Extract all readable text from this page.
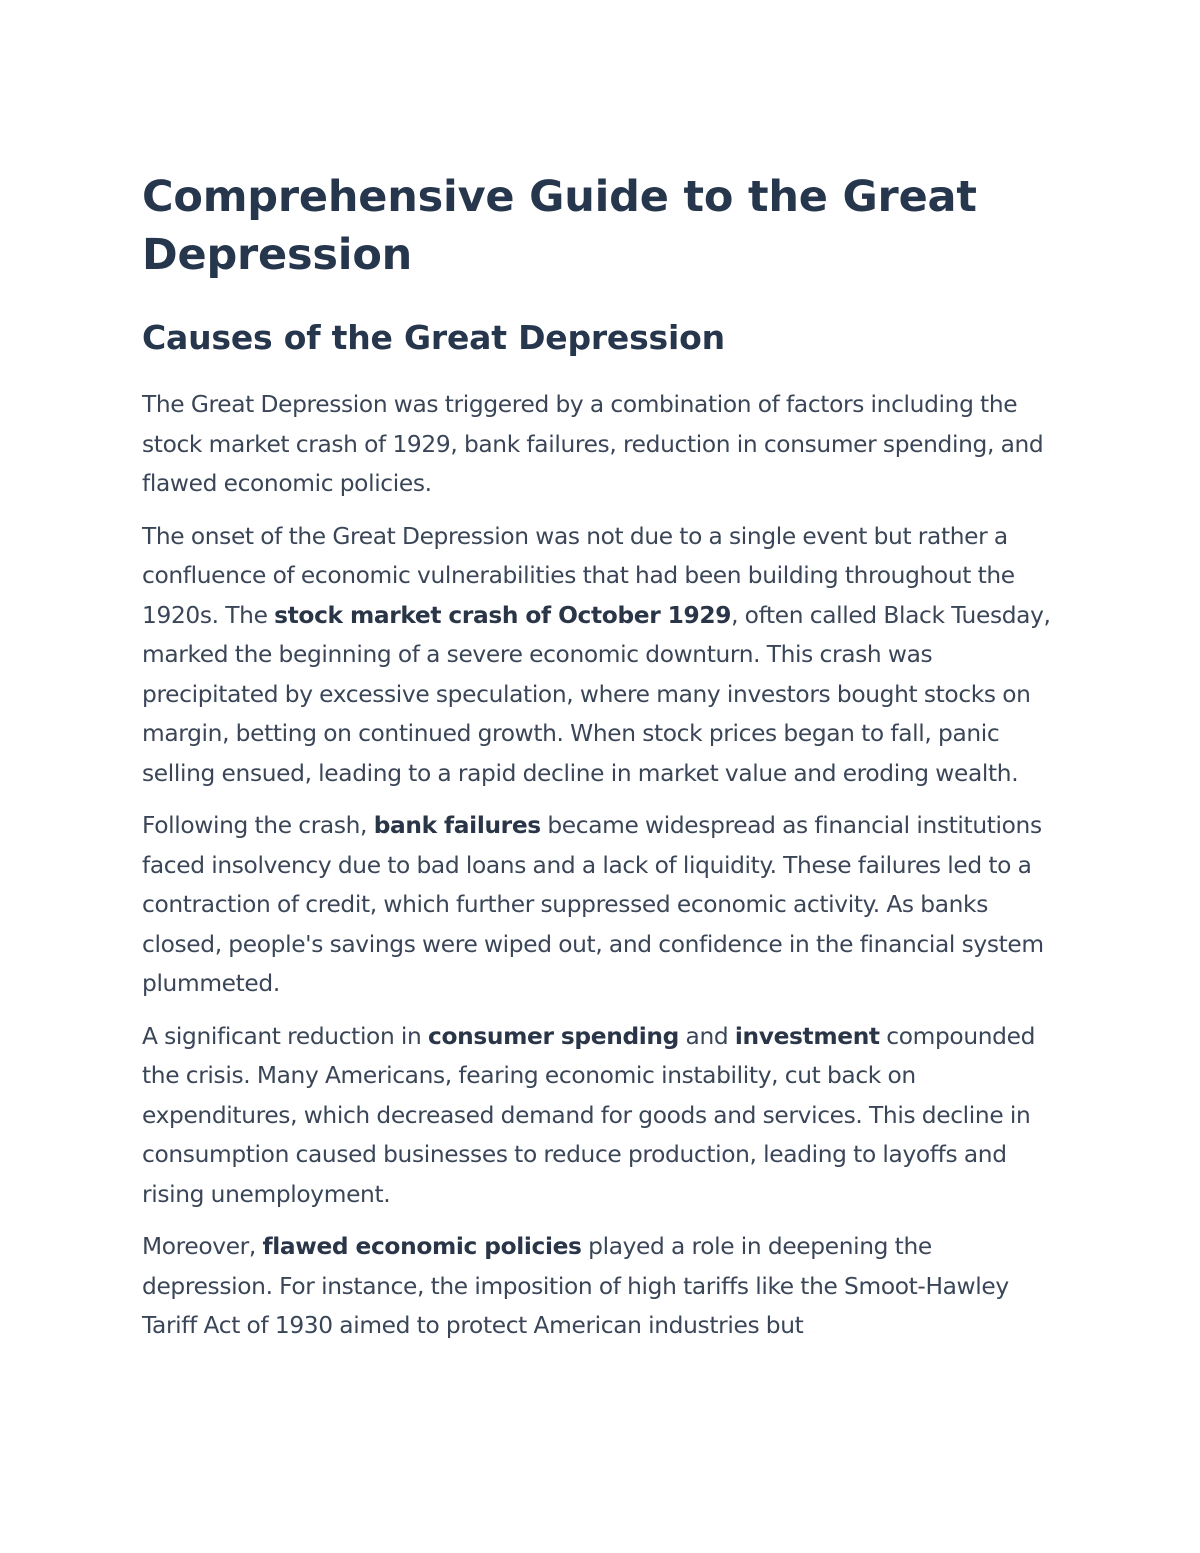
Comprehensive Guide to the Great Depression
Causes of the Great Depression

The Great Depression was triggered by a combination of factors including the stock market crash of 1929, bank failures, reduction in consumer spending, and flawed economic policies.

The onset of the Great Depression was not due to a single event but rather a confluence of economic vulnerabilities that had been building throughout the 1920s. The stock market crash of October 1929, often called Black Tuesday, marked the beginning of a severe economic downturn. This crash was precipitated by excessive speculation, where many investors bought stocks on margin, betting on continued growth. When stock prices began to fall, panic selling ensued, leading to a rapid decline in market value and eroding wealth.

Following the crash, bank failures became widespread as financial institutions faced insolvency due to bad loans and a lack of liquidity. These failures led to a contraction of credit, which further suppressed economic activity. As banks closed, people's savings were wiped out, and confidence in the financial system plummeted.

A significant reduction in consumer spending and investment compounded the crisis. Many Americans, fearing economic instability, cut back on expenditures, which decreased demand for goods and services. This decline in consumption caused businesses to reduce production, leading to layoffs and rising unemployment.

Moreover, flawed economic policies played a role in deepening the depression. For instance, the imposition of high tariffs like the Smoot-Hawley Tariff Act of 1930 aimed to protect American industries but
